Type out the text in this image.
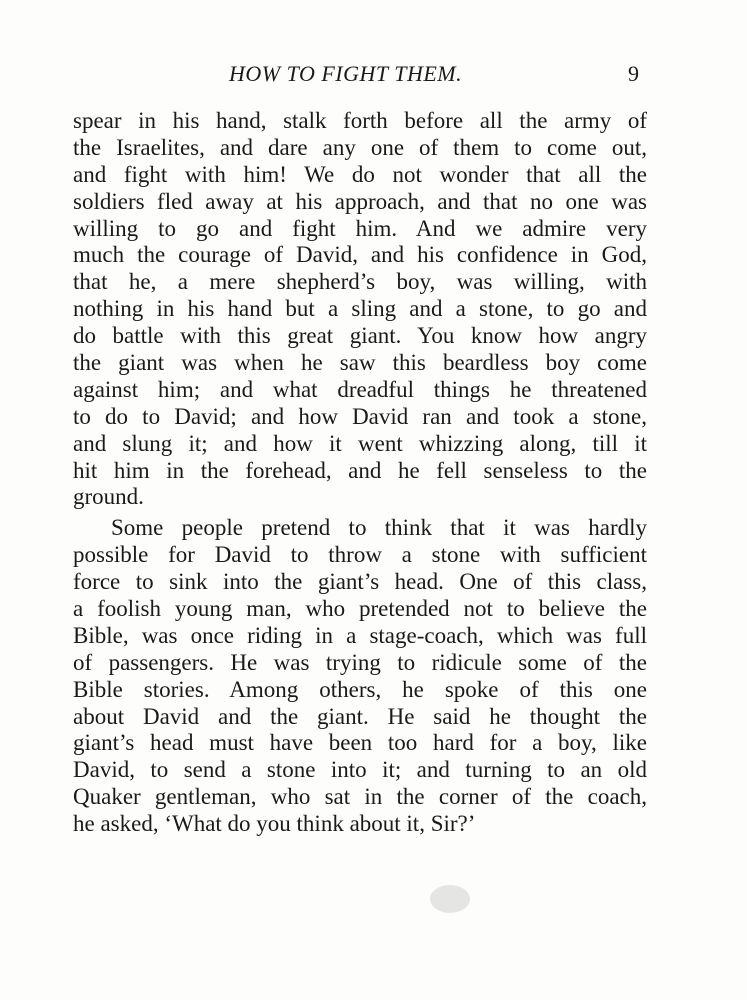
HOW TO FIGHT THEM.	9
spear in his hand, stalk forth before all the army of
the Israelites, and dare any one of them to come out,
and fight with him! We do not wonder that all the
soldiers fled away at his approach, and that no one was
willing to go and fight him. And we admire very
much the courage of David, and his confidence in God,
that he, a mere shepherd’s boy, was willing, with
nothing in his hand but a sling and a stone, to go and
do battle with this great giant. You know how angry
the giant was when he saw this beardless boy come
against him; and what dreadful things he threatened
to do to David; and how David ran and took a stone,
and slung it; and how it went whizzing along, till it
hit him in the forehead, and he fell senseless to the
ground.
Some people pretend to think that it was hardly
possible for David to throw a stone with sufficient
force to sink into the giant’s head. One of this class,
a foolish young man, who pretended not to believe the
Bible, was once riding in a stage-coach, which was full
of passengers. He was trying to ridicule some of the
Bible stories. Among others, he spoke of this one
about David and the giant. He said he thought the
giant’s head must have been too hard for a boy, like
David, to send a stone into it; and turning to an old
Quaker gentleman, who sat in the corner of the coach,
he asked, ‘What do you think about it, Sir?’
